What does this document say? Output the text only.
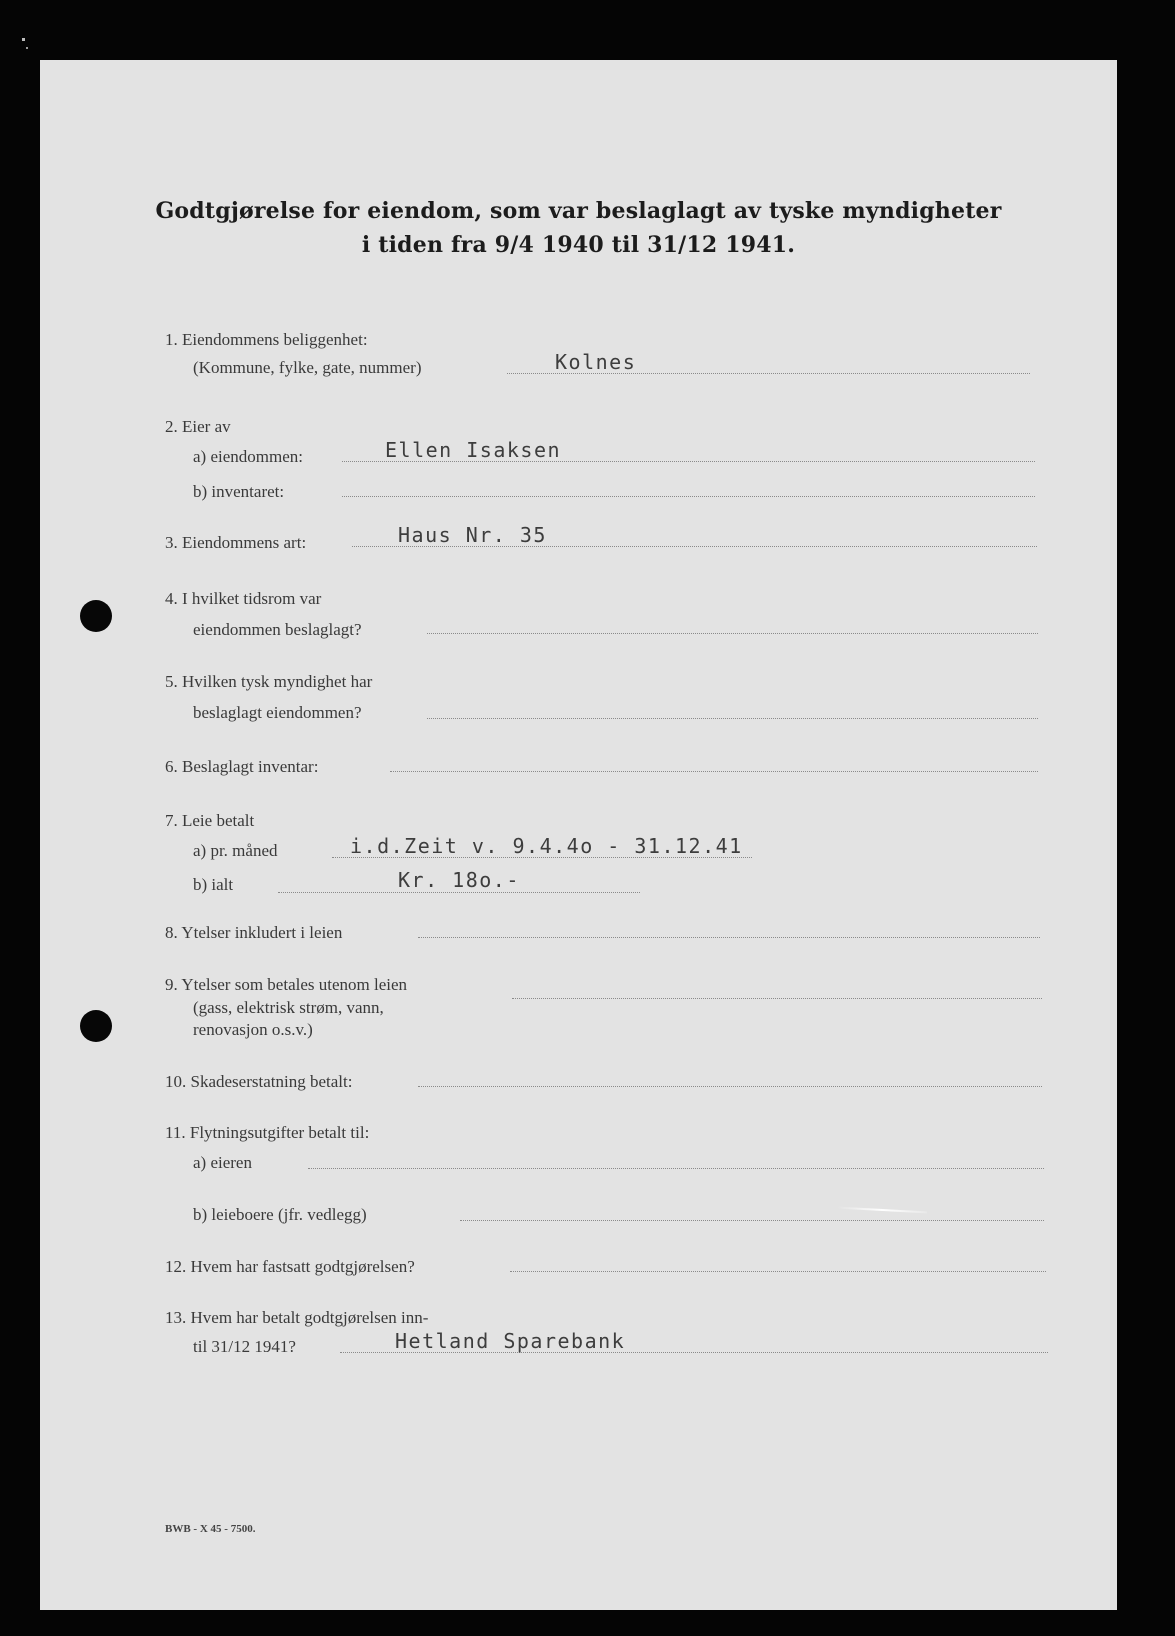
Godtgjørelse for eiendom, som var beslaglagt av tyske myndigheter
i tiden fra 9/4 1940 til 31/12 1941.
1. Eiendommens beliggenhet:
(Kommune, fylke, gate, nummer)	Kolnes
2. Eier av
a) eiendommen:	Ellen Isaksen
b) inventaret:
3. Eiendommens art:	Haus Nr. 35
4. I hvilket tidsrom var
eiendommen beslaglagt?
5. Hvilken tysk myndighet har
beslaglagt eiendommen?
6. Beslaglagt inventar:
7. Leie betalt
a) pr. måned	i.d.Zeit v. 9.4.4o - 31.12.41
b) ialt	Kr. 18o.-
8. Ytelser inkludert i leien
9. Ytelser som betales utenom leien
(gass, elektrisk strøm, vann,
renovasjon o.s.v.)
10. Skadeserstatning betalt:
11. Flytningsutgifter betalt til:
a) eieren
b) leieboere (jfr. vedlegg)
12. Hvem har fastsatt godtgjørelsen?
13. Hvem har betalt godtgjørelsen inn-
til 31/12 1941?	Hetland Sparebank
BWB - X 45 - 7500.
